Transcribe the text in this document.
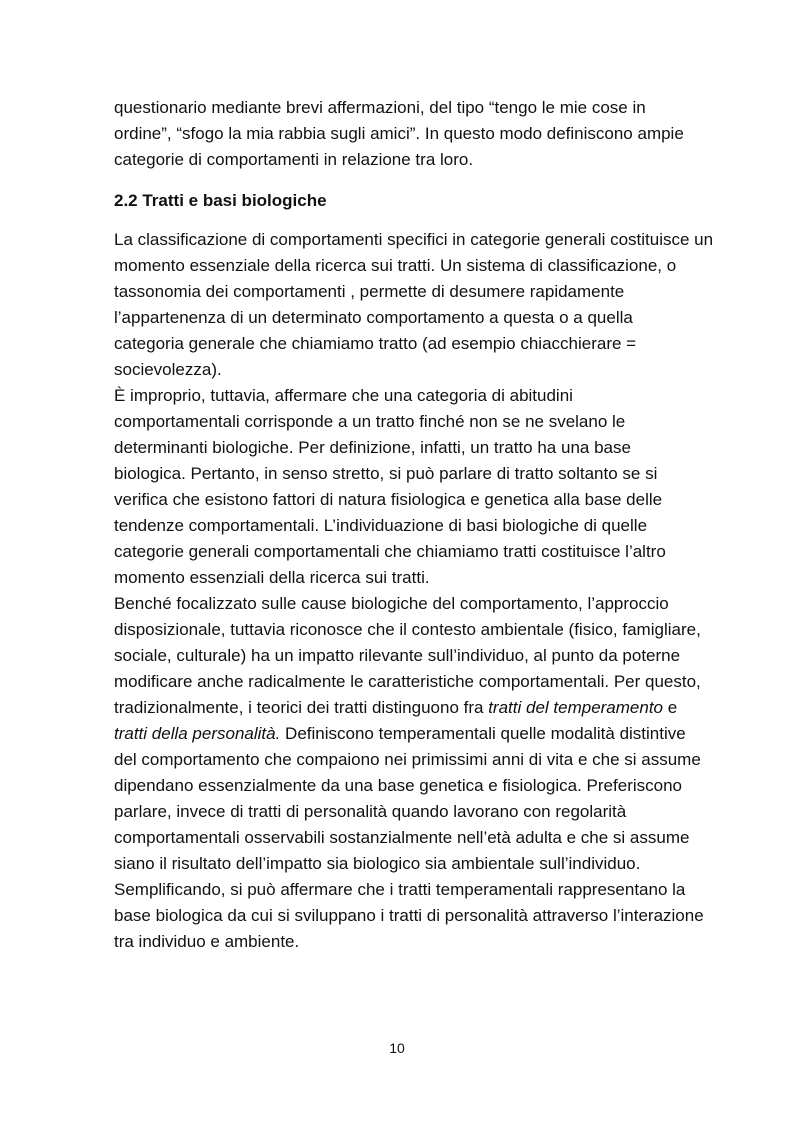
questionario mediante brevi affermazioni, del tipo “tengo le mie cose in
ordine”, “sfogo la mia rabbia sugli amici”. In questo modo definiscono ampie
categorie di comportamenti in relazione tra loro.
2.2 Tratti e basi biologiche
La classificazione di comportamenti specifici in categorie generali costituisce un
momento essenziale della ricerca sui tratti. Un sistema di classificazione, o
tassonomia dei comportamenti , permette di desumere rapidamente
l’appartenenza di un determinato comportamento a questa o a quella
categoria generale che chiamiamo tratto (ad esempio chiacchierare =
socievolezza).
È improprio, tuttavia, affermare che una categoria di abitudini
comportamentali corrisponde a un tratto finché non se ne svelano le
determinanti biologiche. Per definizione, infatti, un tratto ha una base
biologica. Pertanto, in senso stretto, si può parlare di tratto soltanto se si
verifica che esistono fattori di natura fisiologica e genetica alla base delle
tendenze comportamentali. L’individuazione di basi biologiche di quelle
categorie generali comportamentali che chiamiamo tratti costituisce l’altro
momento essenziali della ricerca sui tratti.
Benché focalizzato sulle cause biologiche del comportamento, l’approccio
disposizionale, tuttavia riconosce che il contesto ambientale (fisico, famigliare,
sociale, culturale) ha un impatto rilevante sull’individuo, al punto da poterne
modificare anche radicalmente le caratteristiche comportamentali. Per questo,
tradizionalmente, i teorici dei tratti distinguono fra tratti del temperamento e
tratti della personalità. Definiscono temperamentali quelle modalità distintive
del comportamento che compaiono nei primissimi anni di vita e che si assume
dipendano essenzialmente da una base genetica e fisiologica. Preferiscono
parlare, invece di tratti di personalità quando lavorano con regolarità
comportamentali osservabili sostanzialmente nell’età adulta e che si assume
siano il risultato dell’impatto sia biologico sia ambientale sull’individuo.
Semplificando, si può affermare che i tratti temperamentali rappresentano la
base biologica da cui si sviluppano i tratti di personalità attraverso l’interazione
tra individuo e ambiente.
10
